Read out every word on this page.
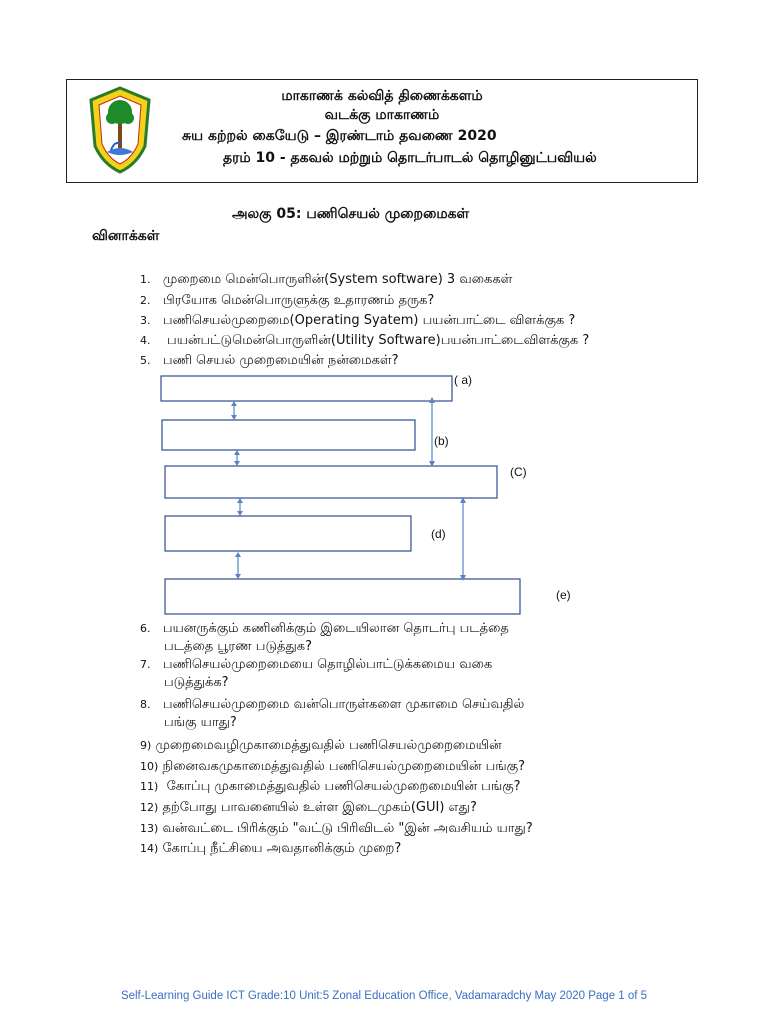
மாகாணக் கல்வித் திணைக்களம்
வடக்கு மாகாணம்
சுய கற்றல் கையேடு – இரண்டாம் தவணை 2020
தரம் 10 - தகவல் மற்றும் தொடர்பாடல் தொழினுட்பவியல்
அலகு 05: பணிசெயல் முறைமைகள்
வினாக்கள்
1. முறைமை மென்பொருளின்(System software) 3 வகைகள்
2. பிரயோக மென்பொருளுக்கு உதாரணம் தருக?
3. பணிசெயல்முறைமை(Operating Syatem) பயன்பாட்டை விளக்குக ?
4.    பயன்பட்டுமென்பொருளின்(Utility Software)பயன்பாட்டைவிளக்குக ?
5. பணி செயல் முறைமையின் நன்மைகள்?
( a)
(b)
(C)
(d)
(e)
6. பயனருக்கும் கணினிக்கும் இடையிலான தொடர்பு படத்தை
படத்தை பூரண படுத்துக?
7. பணிசெயல்முறைமையை தொழில்பாட்டுக்கமைய வகை
படுத்துக்க?
8. பணிசெயல்முறைமை வன்பொருள்களை முகாமை செய்வதில்
பங்கு யாது?
9) முறைமைவழிமுகாமைத்துவதில் பணிசெயல்முறைமையின்
10) நினைவகமுகாமைத்துவதில் பணிசெயல்முறைமையின் பங்கு?
11)  கோப்பு முகாமைத்துவதில் பணிசெயல்முறைமையின் பங்கு?
12) தற்போது பாவனையில் உள்ள இடைமுகம்(GUI) எது?
13) வன்வட்டை பிரிக்கும் "வட்டு பிரிவிடல் "இன் அவசியம் யாது?
14) கோப்பு நீட்சியை அவதானிக்கும் முறை?
Self-Learning Guide ICT Grade:10 Unit:5 Zonal Education Office, Vadamaradchy May 2020 Page 1 of 5
